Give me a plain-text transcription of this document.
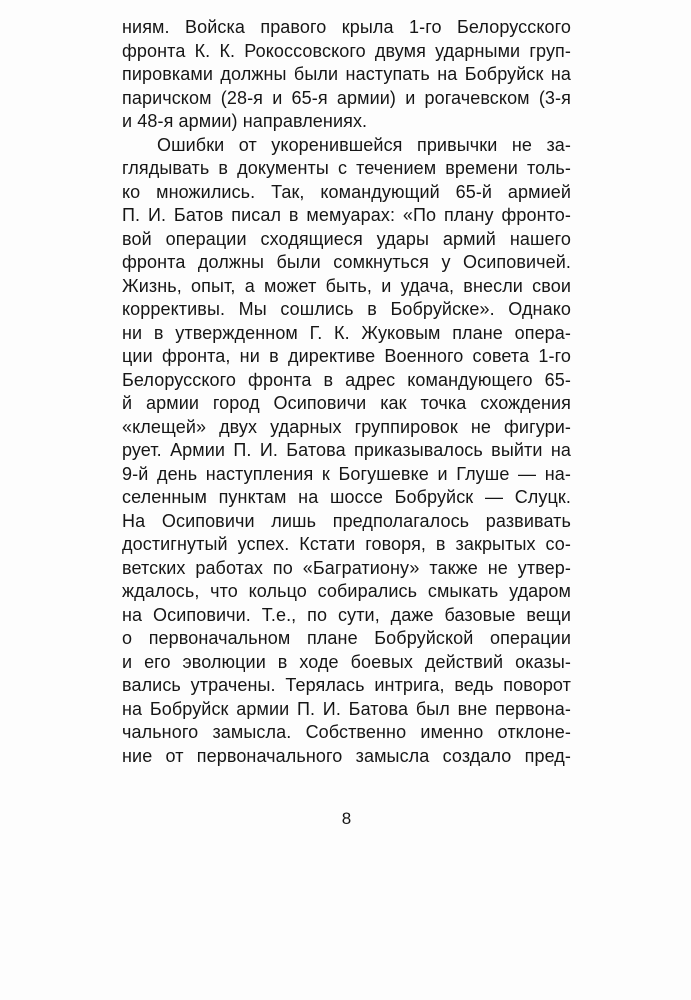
ниям. Войска правого крыла 1-го Белорусского
фронта К. К. Рокоссовского двумя ударными груп-
пировками должны были наступать на Бобруйск на
паричском (28-я и 65-я армии) и рогачевском (3-я
и 48-я армии) направлениях.
Ошибки от укоренившейся привычки не за-
глядывать в документы с течением времени толь-
ко множились. Так, командующий 65-й армией
П. И. Батов писал в мемуарах: «По плану фронто-
вой операции сходящиеся удары армий нашего
фронта должны были сомкнуться у Осиповичей.
Жизнь, опыт, а может быть, и удача, внесли свои
коррективы. Мы сошлись в Бобруйске». Однако
ни в утвержденном Г. К. Жуковым плане опера-
ции фронта, ни в директиве Военного совета 1-го
Белорусского фронта в адрес командующего 65-
й армии город Осиповичи как точка схождения
«клещей» двух ударных группировок не фигури-
рует. Армии П. И. Батова приказывалось выйти на
9-й день наступления к Богушевке и Глуше — на-
селенным пунктам на шоссе Бобруйск — Слуцк.
На Осиповичи лишь предполагалось развивать
достигнутый успех. Кстати говоря, в закрытых со-
ветских работах по «Багратиону» также не утвер-
ждалось, что кольцо собирались смыкать ударом
на Осиповичи. Т.е., по сути, даже базовые вещи
о первоначальном плане Бобруйской операции
и его эволюции в ходе боевых действий оказы-
вались утрачены. Терялась интрига, ведь поворот
на Бобруйск армии П. И. Батова был вне первона-
чального замысла. Собственно именно отклоне-
ние от первоначального замысла создало пред-
8
